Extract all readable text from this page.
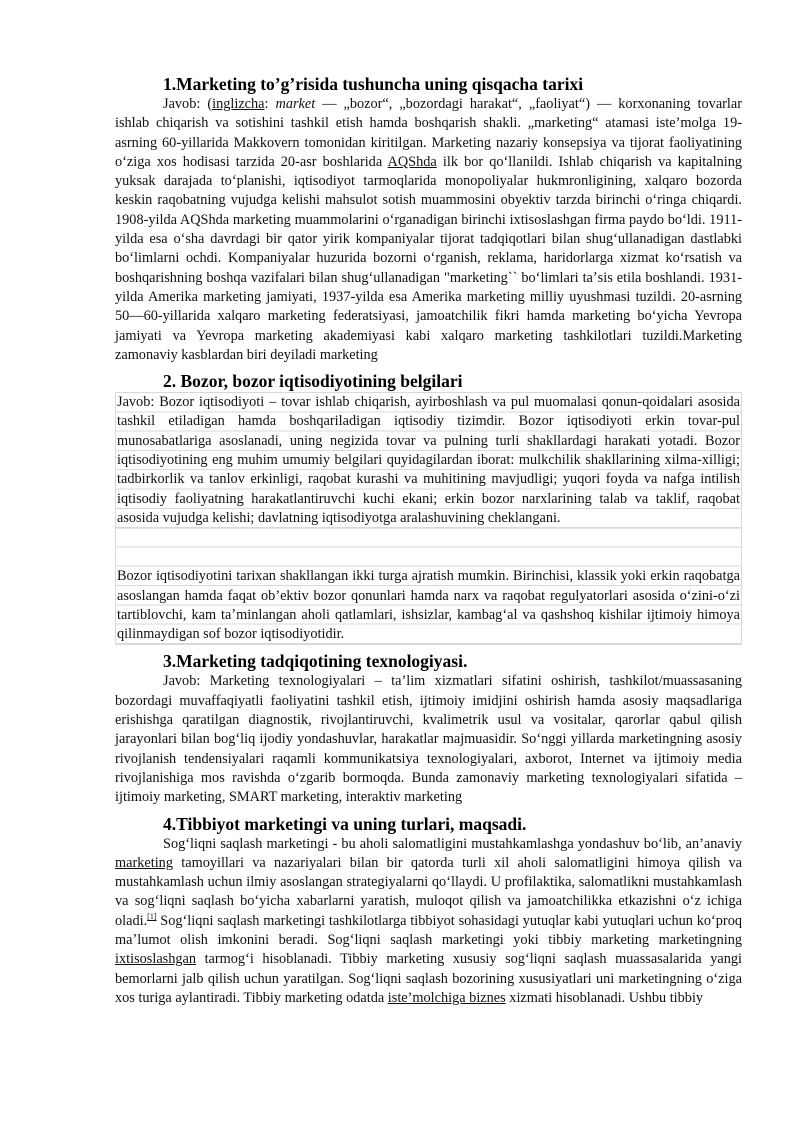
1.Marketing to’g’risida tushuncha uning qisqacha tarixi

Javob: (inglizcha: market — „bozor“, „bozordagi harakat“, „faoliyat“) — korxonaning tovarlar ishlab chiqarish va sotishini tashkil etish hamda boshqarish shakli. „marketing“ atamasi iste’molga 19-asrning 60-yillarida Makkovern tomonidan kiritilgan. Marketing nazariy konsepsiya va tijorat faoliyatining oʻziga xos hodisasi tarzida 20-asr boshlarida AQShda ilk bor qoʻllanildi. Ishlab chiqarish va kapitalning yuksak darajada toʻplanishi, iqtisodiyot tarmoqlarida monopoliyalar hukmronligining, xalqaro bozorda keskin raqobatning vujudga kelishi mahsulot sotish muammosini obyektiv tarzda birinchi oʻringa chiqardi. 1908-yilda AQShda marketing muammolarini oʻrganadigan birinchi ixtisoslashgan firma paydo boʻldi. 1911-yilda esa oʻsha davrdagi bir qator yirik kompaniyalar tijorat tadqiqotlari bilan shugʻullanadigan dastlabki boʻlimlarni ochdi. Kompaniyalar huzurida bozorni oʻrganish, reklama, haridorlarga xizmat koʻrsatish va boshqarishning boshqa vazifalari bilan shugʻullanadigan "marketing`` boʻlimlari taʼsis etila boshlandi. 1931-yilda Amerika marketing jamiyati, 1937-yilda esa Amerika marketing milliy uyushmasi tuzildi. 20-asrning 50—60-yillarida xalqaro marketing federatsiyasi, jamoatchilik fikri hamda marketing boʻyicha Yevropa jamiyati va Yevropa marketing akademiyasi kabi xalqaro marketing tashkilotlari tuzildi.Marketing zamonaviy kasblardan biri deyiladi marketing

2. Bozor, bozor iqtisodiyotining belgilari

Javob: Bozor iqtisodiyoti – tovar ishlab chiqarish, ayirboshlash va pul muomalasi qonun-qoidalari asosida tashkil etiladigan hamda boshqariladigan iqtisodiy tizimdir. Bozor iqtisodiyoti erkin tovar-pul munosabatlariga asoslanadi, uning negizida tovar va pulning turli shakllardagi harakati yotadi. Bozor iqtisodiyotining eng muhim umumiy belgilari quyidagilardan iborat: mulkchilik shakllarining xilma-xilligi; tadbirkorlik va tanlov erkinligi, raqobat kurashi va muhitining mavjudligi; yuqori foyda va nafga intilish iqtisodiy faoliyatning harakatlantiruvchi kuchi ekani; erkin bozor narxlarining talab va taklif, raqobat asosida vujudga kelishi; davlatning iqtisodiyotga aralashuvining cheklangani.

Bozor iqtisodiyotini tarixan shakllangan ikki turga ajratish mumkin. Birinchisi, klassik yoki erkin raqobatga asoslangan hamda faqat ob’ektiv bozor qonunlari hamda narx va raqobat regulyatorlari asosida oʻzini-oʻzi tartiblovchi, kam taʼminlangan aholi qatlamlari, ishsizlar, kambagʻal va qashshoq kishilar ijtimoiy himoya qilinmaydigan sof bozor iqtisodiyotidir.

3.Marketing tadqiqotining texnologiyasi.

Javob: Marketing texnologiyalari – ta’lim xizmatlari sifatini oshirish, tashkilot/muassasaning bozordagi muvaffaqiyatli faoliyatini tashkil etish, ijtimoiy imidjini oshirish hamda asosiy maqsadlariga erishishga qaratilgan diagnostik, rivojlantiruvchi, kvalimetrik usul va vositalar, qarorlar qabul qilish jarayonlari bilan bogʻliq ijodiy yondashuvlar, harakatlar majmuasidir. Soʻnggi yillarda marketingning asosiy rivojlanish tendensiyalari raqamli kommunikatsiya texnologiyalari, axborot, Internet va ijtimoiy media rivojlanishiga mos ravishda oʻzgarib bormoqda. Bunda zamonaviy marketing texnologiyalari sifatida – ijtimoiy marketing, SMART marketing, interaktiv marketing

4.Tibbiyot marketingi va uning turlari, maqsadi.

Sogʻliqni saqlash marketingi - bu aholi salomatligini mustahkamlashga yondashuv boʻlib, an’anaviy marketing tamoyillari va nazariyalari bilan bir qatorda turli xil aholi salomatligini himoya qilish va mustahkamlash uchun ilmiy asoslangan strategiyalarni qoʻllaydi. U profilaktika, salomatlikni mustahkamlash va sogʻliqni saqlash boʻyicha xabarlarni yaratish, muloqot qilish va jamoatchilikka etkazishni oʻz ichiga oladi.[1] Sogʻliqni saqlash marketingi tashkilotlarga tibbiyot sohasidagi yutuqlar kabi yutuqlari uchun koʻproq maʼlumot olish imkonini beradi. Sogʻliqni saqlash marketingi yoki tibbiy marketing marketingning ixtisoslashgan tarmogʻi hisoblanadi. Tibbiy marketing xususiy sogʻliqni saqlash muassasalarida yangi bemorlarni jalb qilish uchun yaratilgan. Sogʻliqni saqlash bozorining xususiyatlari uni marketingning oʻziga xos turiga aylantiradi. Tibbiy marketing odatda iste’molchiga biznes xizmati hisoblanadi. Ushbu tibbiy
